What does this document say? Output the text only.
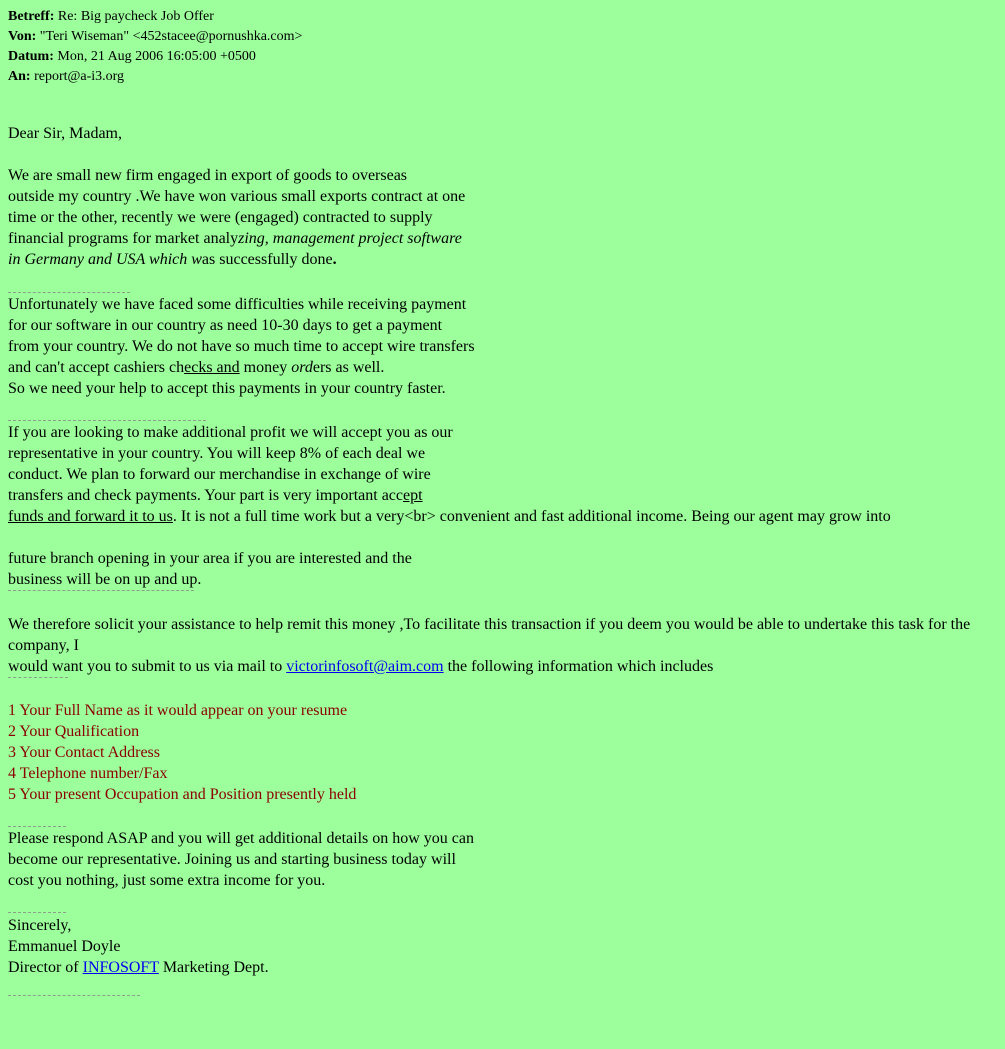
Betreff: Re: Big paycheck Job Offer
Von: "Teri Wiseman" <452stacee@pornushka.com>
Datum: Mon, 21 Aug 2006 16:05:00 +0500
An: report@a-i3.org
Dear Sir, Madam,
We are small new firm engaged in export of goods to overseas
outside my country .We have won various small exports contract at one
time or the other, recently we were (engaged) contracted to supply
financial programs for market analyzing, management project software
in Germany and USA which was successfully done.
Unfortunately we have faced some difficulties while receiving payment
for our software in our country as need 10-30 days to get a payment
from your country. We do not have so much time to accept wire transfers
and can't accept cashiers checks and money orders as well.
So we need your help to accept this payments in your country faster.
If you are looking to make additional profit we will accept you as our
representative in your country. You will keep 8% of each deal we
conduct. We plan to forward our merchandise in exchange of wire
transfers and check payments. Your part is very important accept
funds and forward it to us. It is not a full time work but a very<br> convenient and fast additional income. Being our agent may grow into
future branch opening in your area if you are interested and the
business will be on up and up.
We therefore solicit your assistance to help remit this money ,To facilitate this transaction if you deem you would be able to undertake this task for the company, I
would want you to submit to us via mail to victorinfosoft@aim.com the following information which includes
1 Your Full Name as it would appear on your resume
2 Your Qualification
3 Your Contact Address
4 Telephone number/Fax
5 Your present Occupation and Position presently held
Please respond ASAP and you will get additional details on how you can
become our representative. Joining us and starting business today will
cost you nothing, just some extra income for you.
Sincerely,
Emmanuel Doyle
Director of INFOSOFT Marketing Dept.
